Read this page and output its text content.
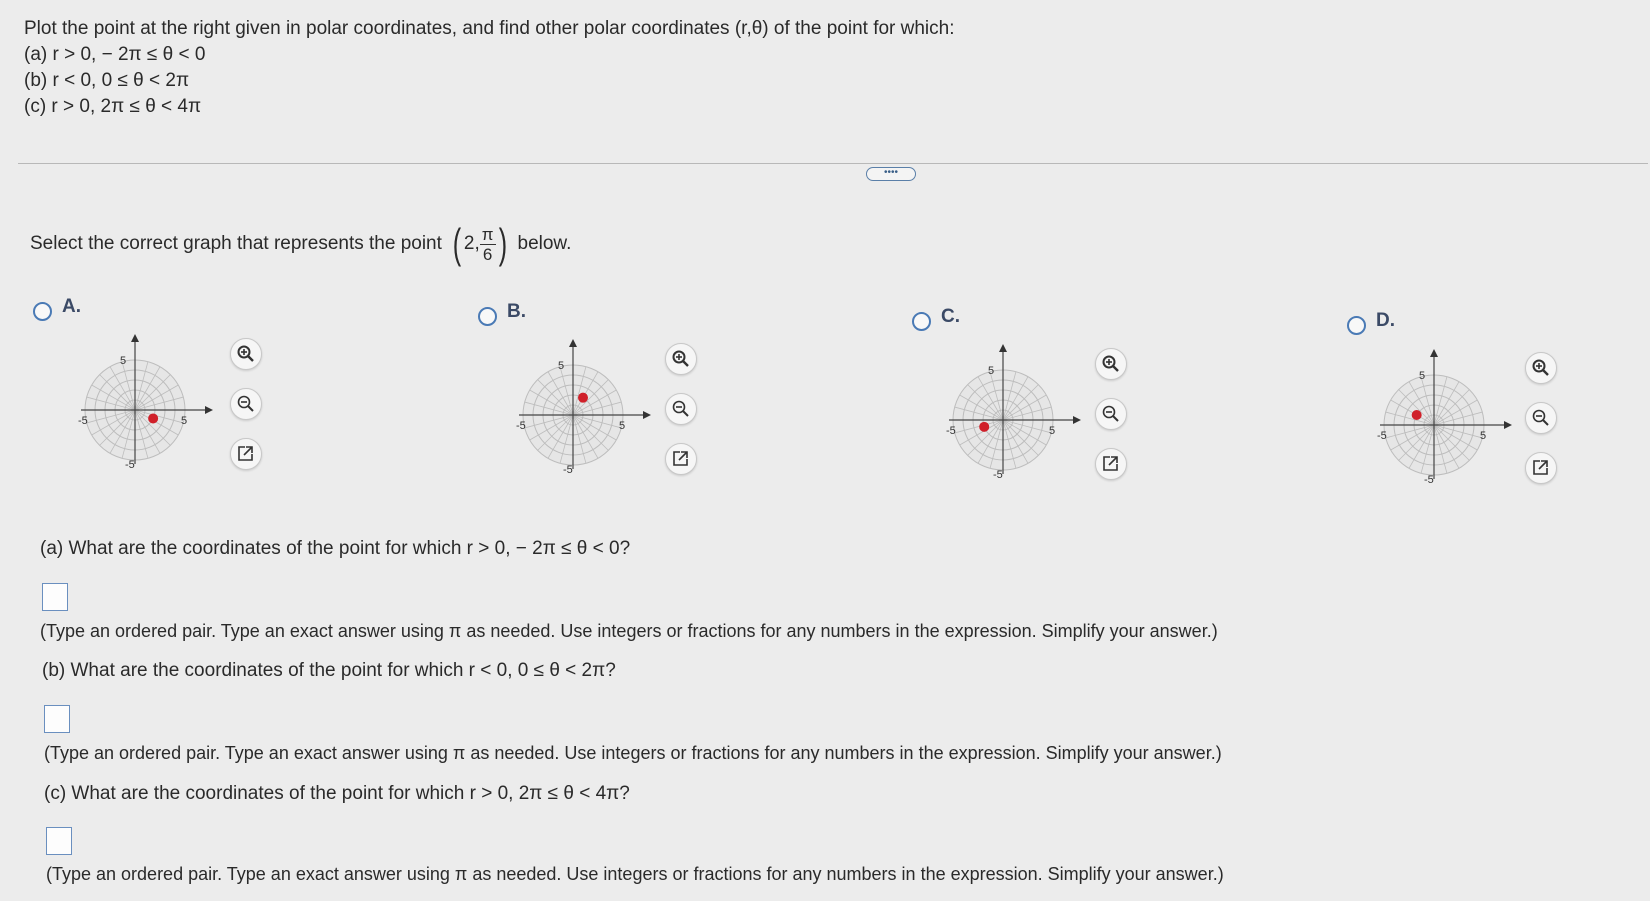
Plot the point at the right given in polar coordinates, and find other polar coordinates (r,θ) of the point for which:
(a) r > 0, − 2π ≤ θ < 0
(b) r < 0, 0 ≤ θ < 2π
(c) r > 0, 2π ≤ θ < 4π
••••
Select the correct graph that represents the point ( 2, $\frac{\pi}{6}$ ) below.
A.
5
-5	5
-5
B.
5
-5	5
-5
C.
5
-5	5
-5
D.
5
-5	5
-5
(a) What are the coordinates of the point for which r > 0, − 2π ≤ θ < 0?
(Type an ordered pair. Type an exact answer using π as needed. Use integers or fractions for any numbers in the expression. Simplify your answer.)
(b) What are the coordinates of the point for which r < 0, 0 ≤ θ < 2π?
(Type an ordered pair. Type an exact answer using π as needed. Use integers or fractions for any numbers in the expression. Simplify your answer.)
(c) What are the coordinates of the point for which r > 0, 2π ≤ θ < 4π?
(Type an ordered pair. Type an exact answer using π as needed. Use integers or fractions for any numbers in the expression. Simplify your answer.)
